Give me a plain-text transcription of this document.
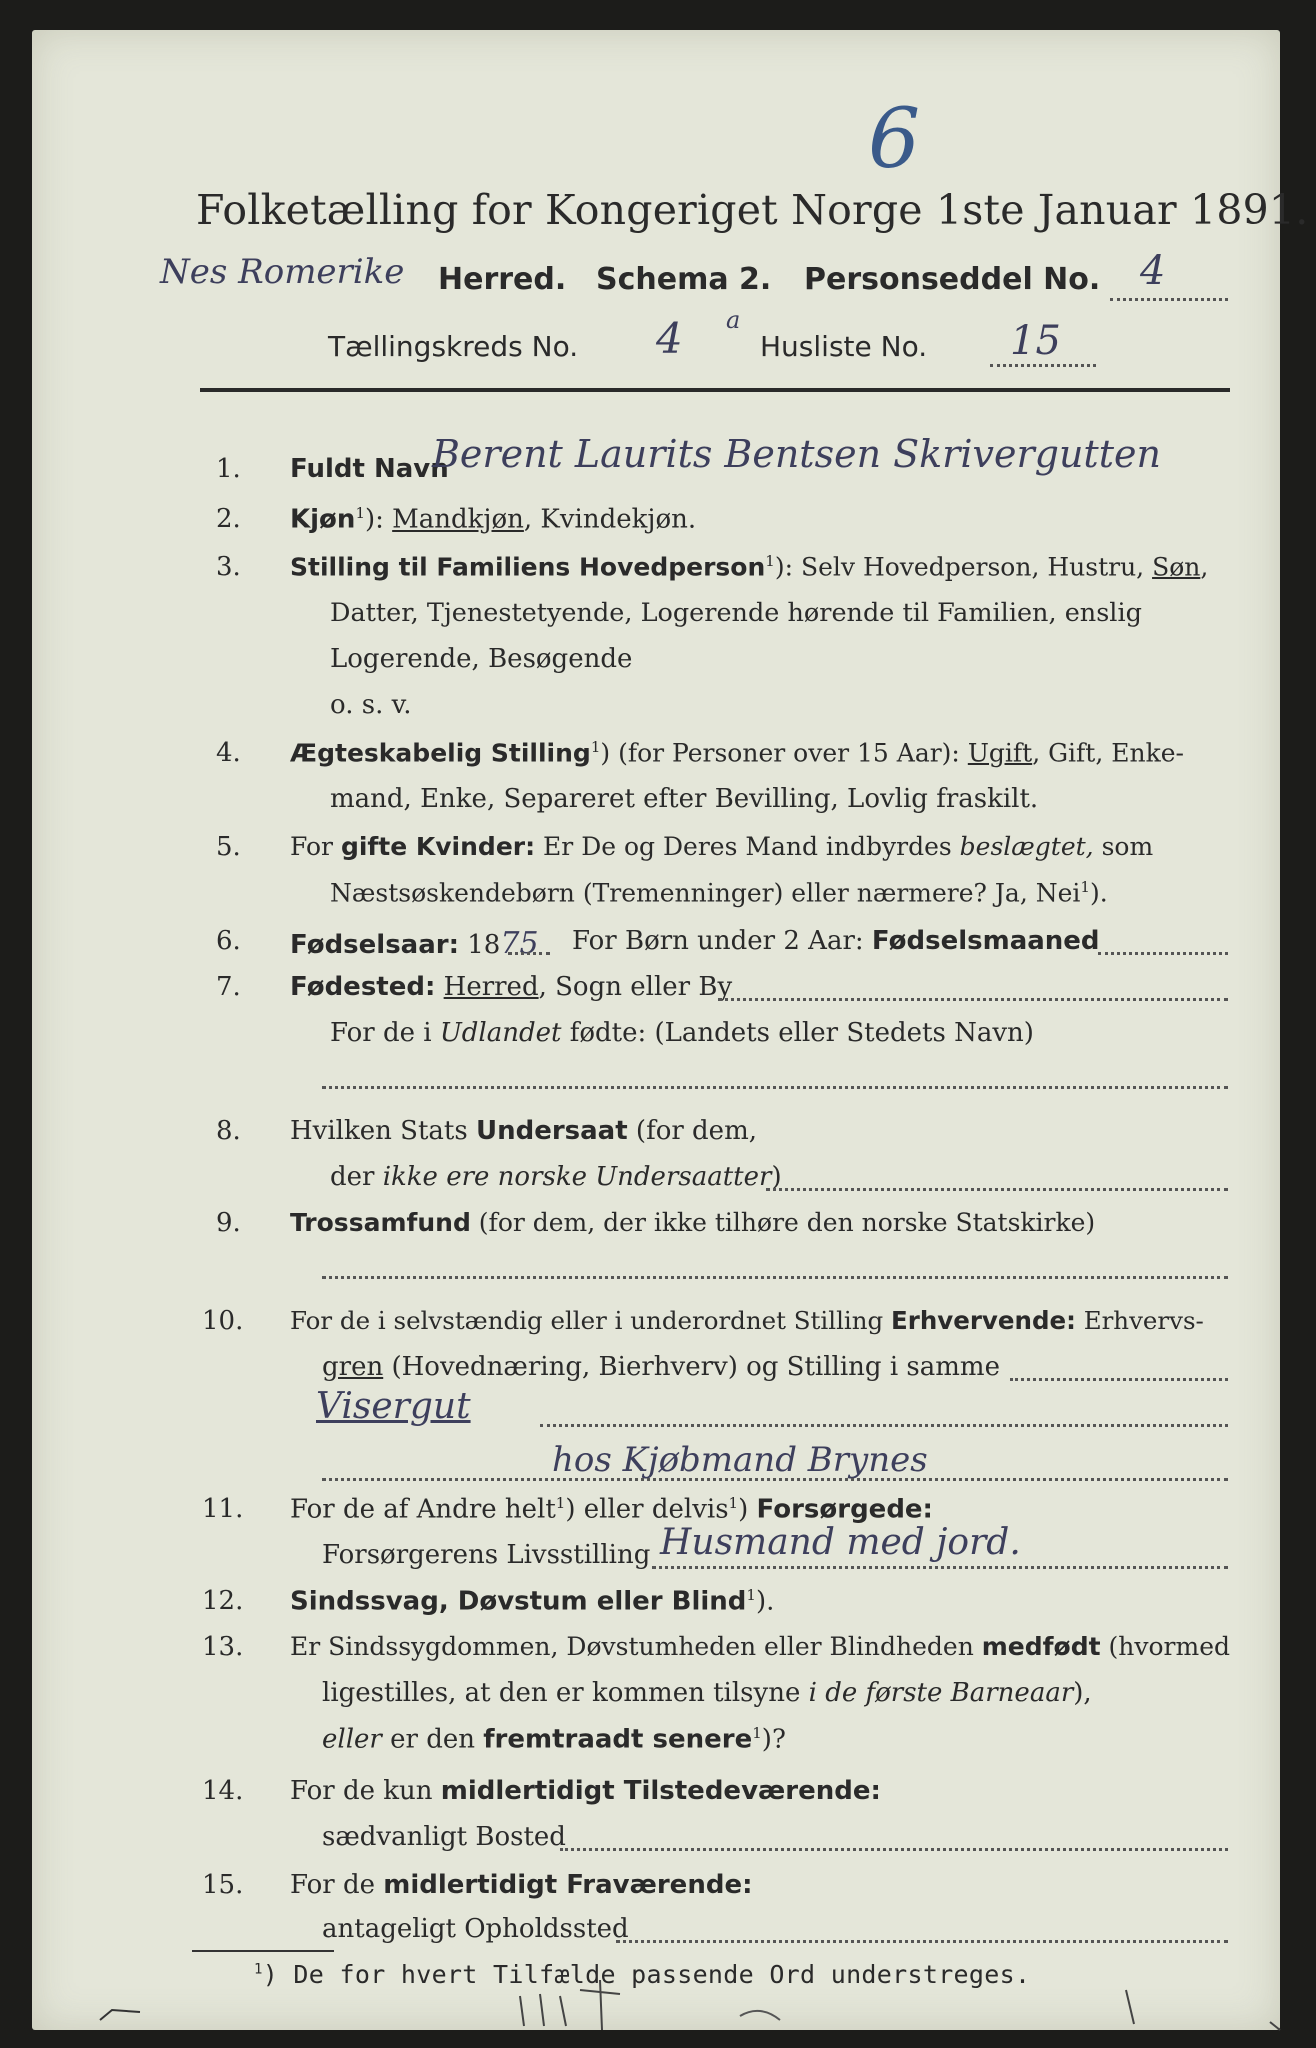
6
Folketælling for Kongeriget Norge 1ste Januar 1891.
Nes Romerike Herred. Schema 2. Personseddel No. 4
Tællingskreds No. 4 a
Husliste No. 15
1. Fuldt Navn
Berent Laurits Bentsen Skrivergutten
2. Kjøn$^1$): Mandkjøn, Kvindekjøn.
3. Stilling til Familiens Hovedperson$^1$): Selv Hovedperson, Hustru, Søn,
Datter, Tjenestetyende, Logerende hørende til Familien, enslig
Logerende, Besøgende
o. s. v.
4. Ægteskabelig Stilling$^1$) (for Personer over 15 Aar): Ugift, Gift, Enke-
mand, Enke, Separeret efter Bevilling, Lovlig fraskilt.
5. For gifte Kvinder: Er De og Deres Mand indbyrdes beslægtet, som
Næstsøskendebørn (Tremenninger) eller nærmere? Ja, Nei$^1$).
6. Fødselsaar: 1875 For Børn under 2 Aar: Fødselsmaaned
7. Fødested: Herred, Sogn eller By
For de i Udlandet fødte: (Landets eller Stedets Navn)
8. Hvilken Stats Undersaat (for dem,
der ikke ere norske Undersaatter)
9. Trossamfund (for dem, der ikke tilhøre den norske Statskirke)
10. For de i selvstændig eller i underordnet Stilling Erhvervende: Erhvervs-
gren (Hovednæring, Bierhverv) og Stilling i samme
Visergut
hos Kjøbmand Brynes
11. For de af Andre helt$^1$) eller delvis$^1$) Forsørgede:
Forsørgerens Livsstilling Husmand med jord.
12. Sindssvag, Døvstum eller Blind$^1$).
13. Er Sindssygdommen, Døvstumheden eller Blindheden medfødt (hvormed
ligestilles, at den er kommen tilsyne i de første Barneaar),
eller er den fremtraadt senere$^1$)?
14. For de kun midlertidigt Tilstedeværende:
sædvanligt Bosted
15. For de midlertidigt Fraværende:
antageligt Opholdssted
$^1$) De for hvert Tilfælde passende Ord understreges.
